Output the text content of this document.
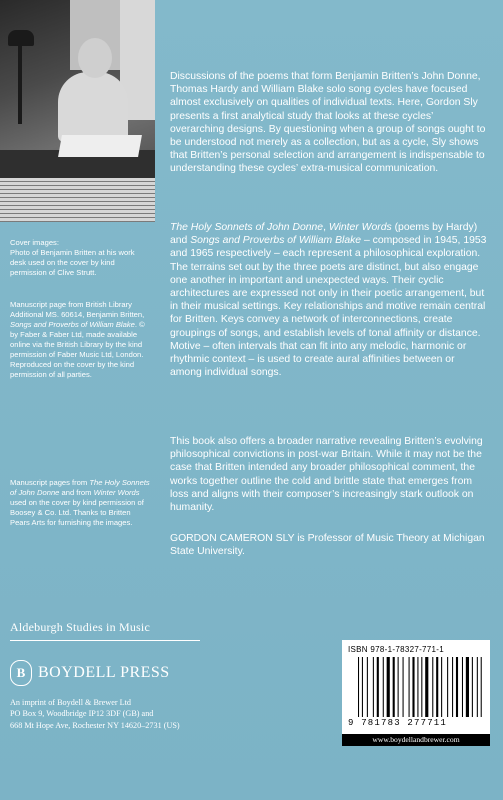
Discussions of the poems that form Benjamin Britten’s John Donne, Thomas Hardy and William Blake solo song cycles have focused almost exclusively on qualities of individual texts. Here, Gordon Sly presents a first analytical study that looks at these cycles’ overarching designs. By questioning when a group of songs ought to be understood not merely as a collection, but as a cycle, Sly shows that Britten’s personal selection and arrangement is indispensable to understanding these cycles’ extra-musical communication.

The Holy Sonnets of John Donne, Winter Words (poems by Hardy) and Songs and Proverbs of William Blake – composed in 1945, 1953 and 1965 respectively – each represent a philosophical exploration. The terrains set out by the three poets are distinct, but also engage one another in important and unexpected ways. Their cyclic architectures are expressed not only in their poetic arrangement, but in their musical settings. Key relationships and motive remain central for Britten. Keys convey a network of interconnections, create groupings of songs, and establish levels of tonal affinity or distance. Motive – often intervals that can fit into any melodic, harmonic or rhythmic context – is used to create aural affinities between or among individual songs.

This book also offers a broader narrative revealing Britten’s evolving philosophical convictions in post-war Britain. While it may not be the case that Britten intended any broader philosophical comment, the works together outline the cold and brittle state that emerges from loss and aligns with their composer’s increasingly stark outlook on humanity.

GORDON CAMERON SLY is Professor of Music Theory at Michigan State University.

Cover images:
Photo of Benjamin Britten at his work desk used on the cover by kind permission of Clive Strutt.

Manuscript page from British Library Additional MS. 60614, Benjamin Britten, Songs and Proverbs of William Blake. © by Faber & Faber Ltd, made available online via the British Library by the kind permission of Faber Music Ltd, London. Reproduced on the cover by the kind permission of all parties.
Manuscript pages from The Holy Sonnets of John Donne and from Winter Words used on the cover by kind permission of Boosey & Co. Ltd. Thanks to Britten Pears Arts for furnishing the images.
Aldeburgh Studies in Music
B BOYDELL PRESS
An imprint of Boydell & Brewer Ltd
PO Box 9, Woodbridge IP12 3DF (GB) and
668 Mt Hope Ave, Rochester NY 14620–2731 (US)
ISBN 978-1-78327-771-1
9 781783 277711
www.boydellandbrewer.com
